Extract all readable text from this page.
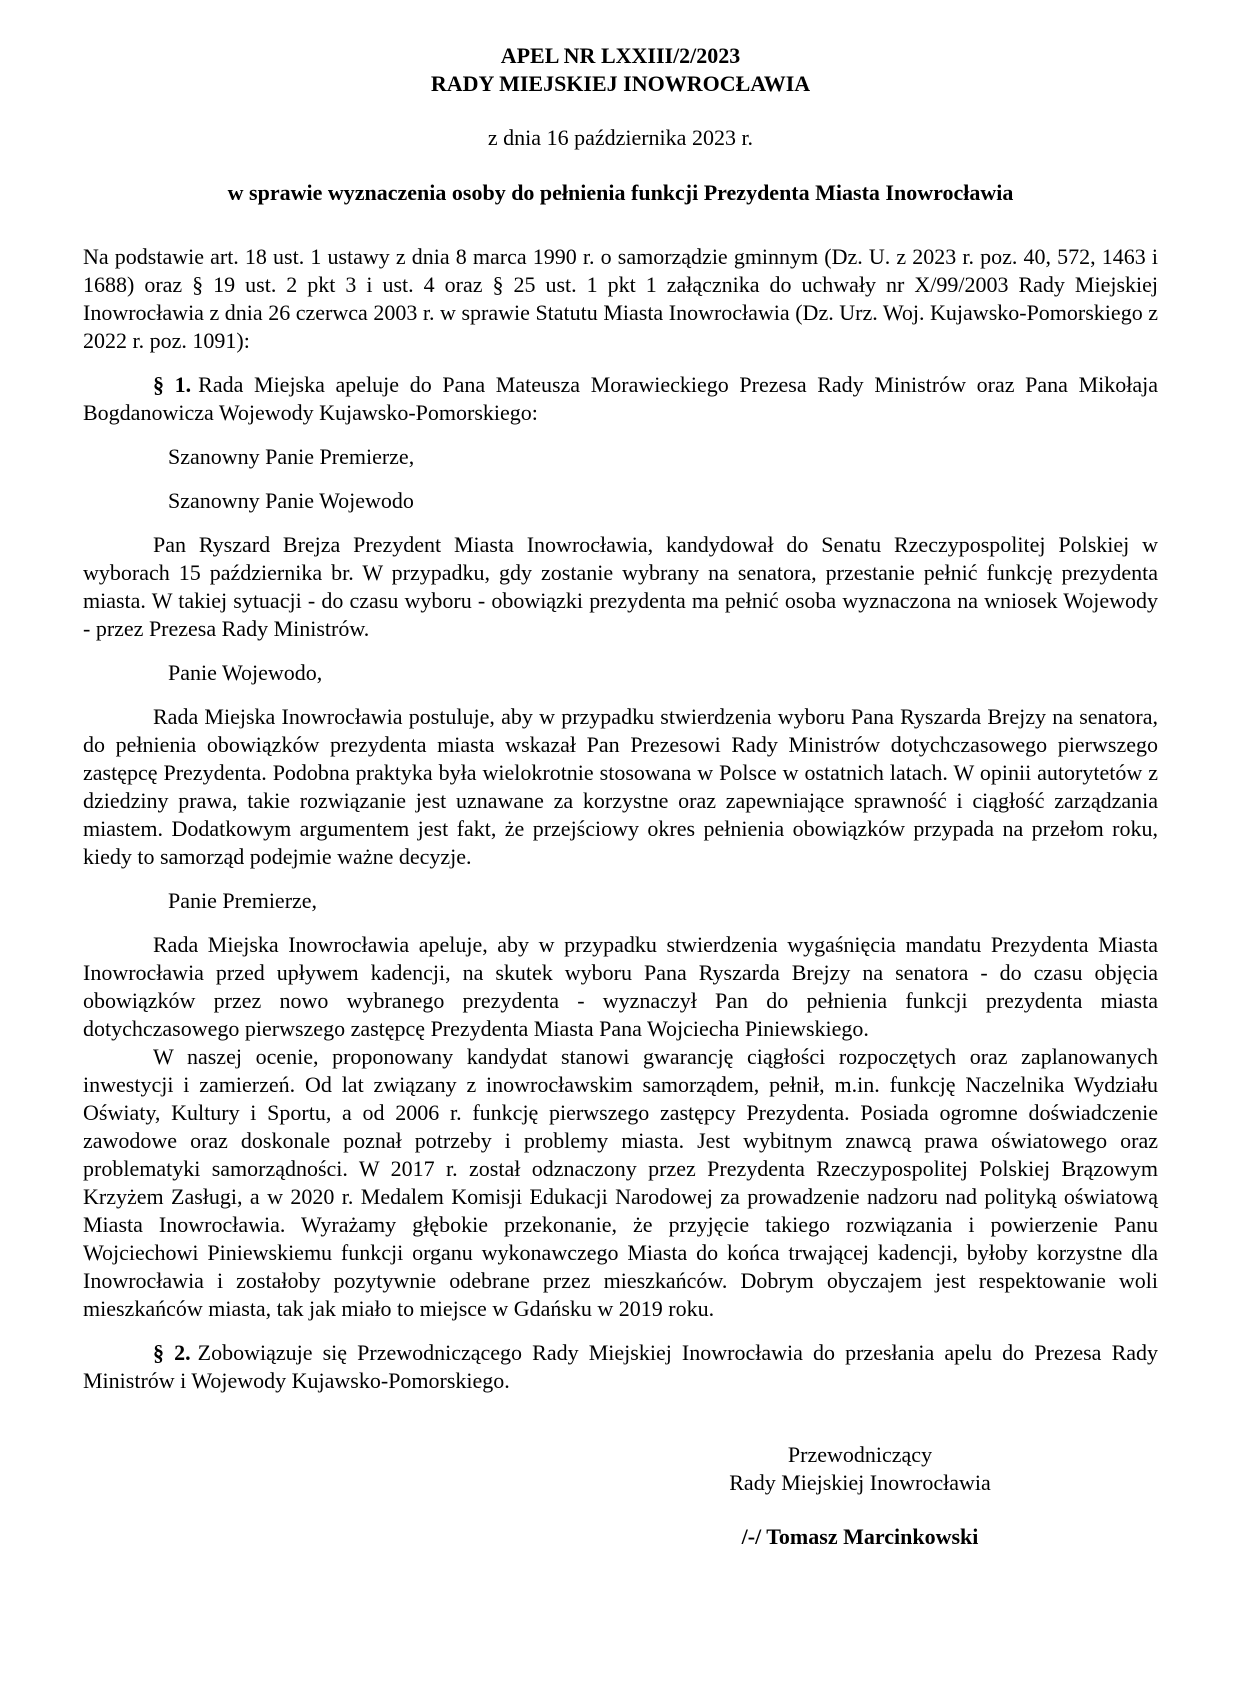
APEL NR LXXIII/2/2023
RADY MIEJSKIEJ INOWROCŁAWIA

z dnia 16 października 2023 r.

w sprawie wyznaczenia osoby do pełnienia funkcji Prezydenta Miasta Inowrocławia

Na podstawie art. 18 ust. 1 ustawy z dnia 8 marca 1990 r. o samorządzie gminnym (Dz. U. z 2023 r. poz. 40, 572, 1463 i 1688) oraz § 19 ust. 2 pkt 3 i ust. 4 oraz § 25 ust. 1 pkt 1 załącznika do uchwały nr X/99/2003 Rady Miejskiej Inowrocławia z dnia 26 czerwca 2003 r. w sprawie Statutu Miasta Inowrocławia (Dz. Urz. Woj. Kujawsko-Pomorskiego z 2022 r. poz. 1091):

§ 1. Rada Miejska apeluje do Pana Mateusza Morawieckiego Prezesa Rady Ministrów oraz Pana Mikołaja Bogdanowicza Wojewody Kujawsko-Pomorskiego:

Szanowny Panie Premierze,

Szanowny Panie Wojewodo

Pan Ryszard Brejza Prezydent Miasta Inowrocławia, kandydował do Senatu Rzeczypospolitej Polskiej w wyborach 15 października br. W przypadku, gdy zostanie wybrany na senatora, przestanie pełnić funkcję prezydenta miasta. W takiej sytuacji - do czasu wyboru - obowiązki prezydenta ma pełnić osoba wyznaczona na wniosek Wojewody - przez Prezesa Rady Ministrów.

Panie Wojewodo,

Rada Miejska Inowrocławia postuluje, aby w przypadku stwierdzenia wyboru Pana Ryszarda Brejzy na senatora, do pełnienia obowiązków prezydenta miasta wskazał Pan Prezesowi Rady Ministrów dotychczasowego pierwszego zastępcę Prezydenta. Podobna praktyka była wielokrotnie stosowana w Polsce w ostatnich latach. W opinii autorytetów z dziedziny prawa, takie rozwiązanie jest uznawane za korzystne oraz zapewniające sprawność i ciągłość zarządzania miastem. Dodatkowym argumentem jest fakt, że przejściowy okres pełnienia obowiązków przypada na przełom roku, kiedy to samorząd podejmie ważne decyzje.

Panie Premierze,

Rada Miejska Inowrocławia apeluje, aby w przypadku stwierdzenia wygaśnięcia mandatu Prezydenta Miasta Inowrocławia przed upływem kadencji, na skutek wyboru Pana Ryszarda Brejzy na senatora - do czasu objęcia obowiązków przez nowo wybranego prezydenta - wyznaczył Pan do pełnienia funkcji prezydenta miasta dotychczasowego pierwszego zastępcę Prezydenta Miasta Pana Wojciecha Piniewskiego.

W naszej ocenie, proponowany kandydat stanowi gwarancję ciągłości rozpoczętych oraz zaplanowanych inwestycji i zamierzeń. Od lat związany z inowrocławskim samorządem, pełnił, m.in. funkcję Naczelnika Wydziału Oświaty, Kultury i Sportu, a od 2006 r. funkcję pierwszego zastępcy Prezydenta. Posiada ogromne doświadczenie zawodowe oraz doskonale poznał potrzeby i problemy miasta. Jest wybitnym znawcą prawa oświatowego oraz problematyki samorządności. W 2017 r. został odznaczony przez Prezydenta Rzeczypospolitej Polskiej Brązowym Krzyżem Zasługi, a w 2020 r. Medalem Komisji Edukacji Narodowej za prowadzenie nadzoru nad polityką oświatową Miasta Inowrocławia. Wyrażamy głębokie przekonanie, że przyjęcie takiego rozwiązania i powierzenie Panu Wojciechowi Piniewskiemu funkcji organu wykonawczego Miasta do końca trwającej kadencji, byłoby korzystne dla Inowrocławia i zostałoby pozytywnie odebrane przez mieszkańców. Dobrym obyczajem jest respektowanie woli mieszkańców miasta, tak jak miało to miejsce w Gdańsku w 2019 roku.

§ 2. Zobowiązuje się Przewodniczącego Rady Miejskiej Inowrocławia do przesłania apelu do Prezesa Rady Ministrów i Wojewody Kujawsko-Pomorskiego.

Przewodniczący

Rady Miejskiej Inowrocławia

/-/ Tomasz Marcinkowski
